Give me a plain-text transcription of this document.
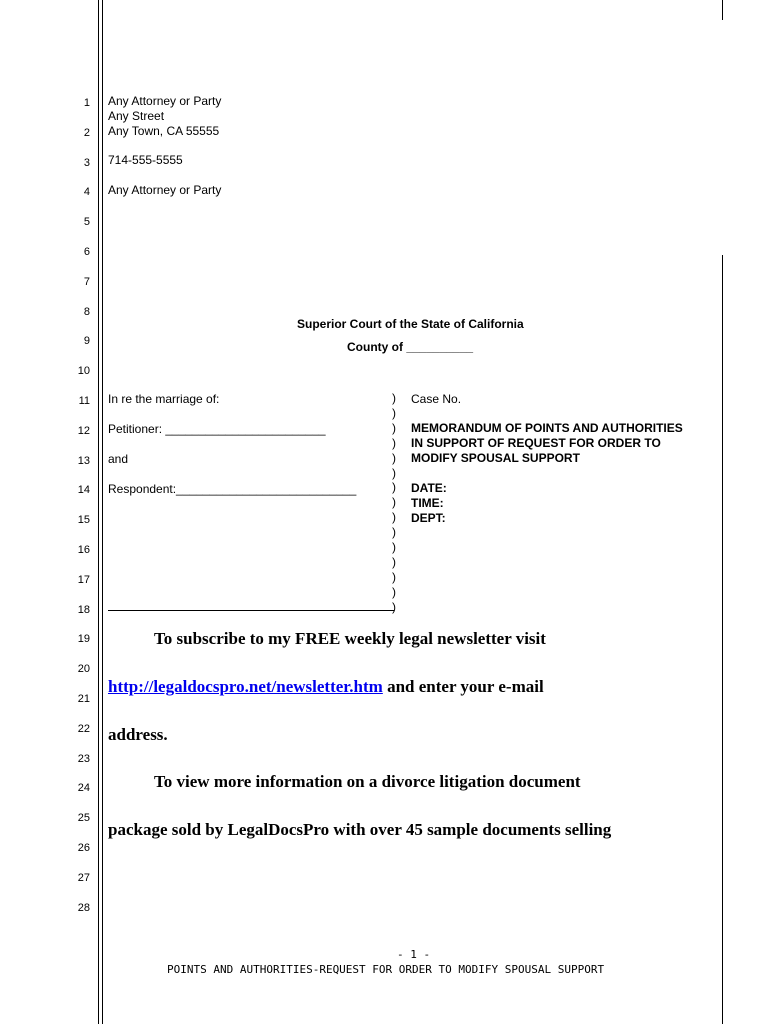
1
2
3
4
5
6
7
8
9
10
11
12
13
14
15
16
17
18
19
20
21
22
23
24
25
26
27
28
Any Attorney or Party
Any Street
Any Town, CA 55555
714-555-5555
Any Attorney or Party
Superior Court of the State of California
County of __________
In re the marriage of:
Petitioner: ________________________
and
Respondent:___________________________
)
)
)
)
)
)
)
)
)
)
)
)
)
)
)
Case No.
MEMORANDUM OF POINTS AND AUTHORITIES
IN SUPPORT OF REQUEST FOR ORDER TO
MODIFY SPOUSAL SUPPORT
DATE:
TIME:
DEPT:
To subscribe to my FREE weekly legal newsletter visit
http://legaldocspro.net/newsletter.htm and enter your e-mail
address.
To view more information on a divorce litigation document
package sold by LegalDocsPro with over 45 sample documents selling
- 1 -
POINTS AND AUTHORITIES-REQUEST FOR ORDER TO MODIFY SPOUSAL SUPPORT
